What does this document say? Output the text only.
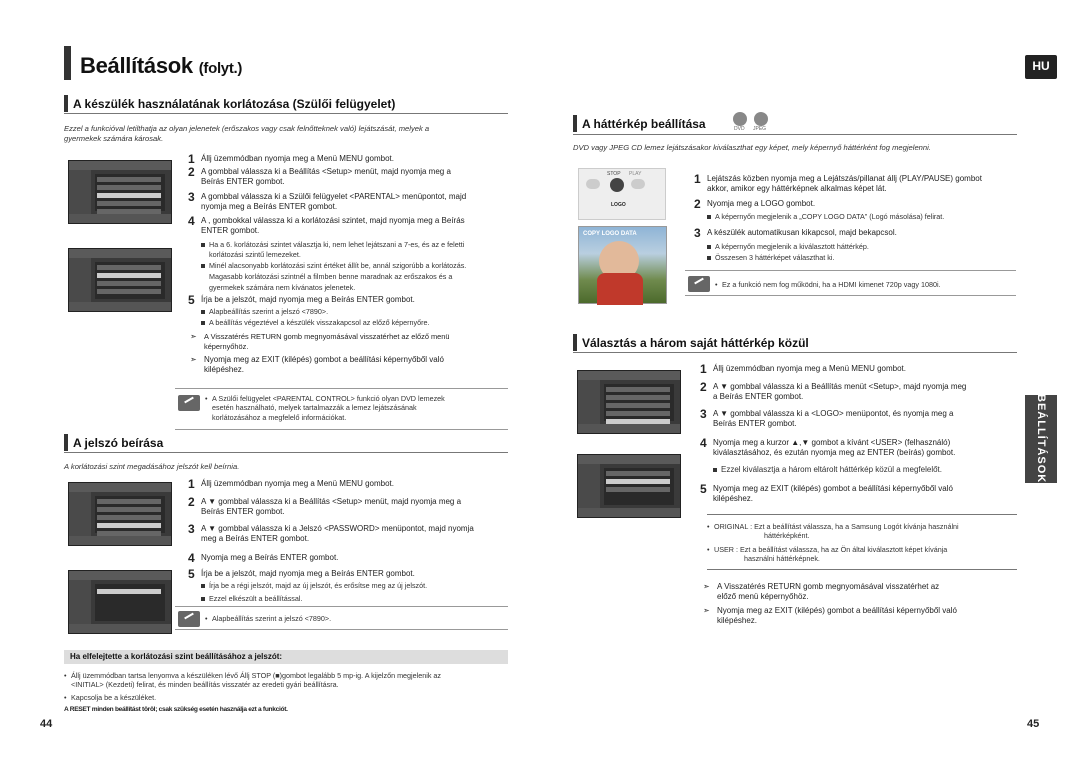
Beállítások (folyt.)	HU
A készülék használatának korlátozása (Szülői felügyelet)
Ezzel a funkcióval letilthatja az olyan jelenetek (erőszakos vagy csak felnőtteknek való) lejátszását, melyek a
gyermekek számára károsak.
1 Állj üzemmódban nyomja meg a Menü MENU gombot.
2 A gombbal válassza ki a Beállítás <Setup> menüt, majd nyomja meg a
Beírás ENTER gombot.
3 A gombbal válassza ki a Szülői felügyelet <PARENTAL> menüpontot, majd
nyomja meg a Beírás ENTER gombot.
4 A , gombokkal válassza ki a korlátozási szintet, majd nyomja meg a Beírás
ENTER gombot.
Ha a 6. korlátozási szintet választja ki, nem lehet lejátszani a 7-es, és az e feletti
korlátozási szintű lemezeket.
Minél alacsonyabb korlátozási szint értéket állít be, annál szigorúbb a korlátozás.
Magasabb korlátozási szintnél a filmben benne maradnak az erőszakos és a
gyermekek számára nem kívánatos jelenetek.
5 Írja be a jelszót, majd nyomja meg a Beírás ENTER gombot.
Alapbeállítás szerint a jelszó <7890>.
A beállítás végeztével a készülék visszakapcsol az előző képernyőre.
➣ A Visszatérés RETURN gomb megnyomásával visszatérhet az előző menü
képernyőhöz.
➣ Nyomja meg az EXIT (kilépés) gombot a beállítási képernyőből való
kilépéshez.
• A Szülői felügyelet <PARENTAL CONTROL> funkció olyan DVD lemezek
esetén használható, melyek tartalmazzák a lemez lejátszásának
korlátozásához a megfelelő információkat.
A jelszó beírása
A korlátozási szint megadásához jelszót kell beírnia.
1 Állj üzemmódban nyomja meg a Menü MENU gombot.
2 A ▼ gombbal válassza ki a Beállítás <Setup> menüt, majd nyomja meg a
Beírás ENTER gombot.
3 A ▼ gombbal válassza ki a Jelszó <PASSWORD> menüpontot, majd nyomja
meg a Beírás ENTER gombot.
4 Nyomja meg a Beírás ENTER gombot.
5 Írja be a jelszót, majd nyomja meg a Beírás ENTER gombot.
Írja be a régi jelszót, majd az új jelszót, és erősítse meg az új jelszót.
Ezzel elkészült a beállítással.
• Alapbeállítás szerint a jelszó <7890>.
Ha elfelejtette a korlátozási szint beállításához a jelszót:
• Állj üzemmódban tartsa lenyomva a készüléken lévő Állj STOP (■)gombot legalább 5 mp-ig. A kijelzőn megjelenik az
<INITIAL> (Kezdeti) felirat, és minden beállítás visszatér az eredeti gyári beállításra.
• Kapcsolja be a készüléket.
A RESET minden beállítást töröl; csak szükség esetén használja ezt a funkciót.
44
A háttérkép beállítása	DVD JPEG
DVD vagy JPEG CD lemez lejátszásakor kiválaszthat egy képet, mely képernyő háttérként fog megjelenni.
STOP PLAY
LOGO
COPY LOGO DATA
1 Lejátszás közben nyomja meg a Lejátszás/pillanat állj (PLAY/PAUSE) gombot
akkor, amikor egy háttérképnek alkalmas képet lát.
2 Nyomja meg a LOGO gombot.
A képernyőn megjelenik a „COPY LOGO DATA” (Logó másolása) felirat.
3 A készülék automatikusan kikapcsol, majd bekapcsol.
A képernyőn megjelenik a kiválasztott háttérkép.
Összesen 3 háttérképet választhat ki.
• Ez a funkció nem fog működni, ha a HDMI kimenet 720p vagy 1080i.
Választás a három saját háttérkép közül
1 Állj üzemmódban nyomja meg a Menü MENU gombot.
2 A ▼ gombbal válassza ki a Beállítás menüt <Setup>, majd nyomja meg
a Beírás ENTER gombot.
3 A ▼ gombbal válassza ki a <LOGO> menüpontot, és nyomja meg a
Beírás ENTER gombot.
4 Nyomja meg a kurzor ▲,▼ gombot a kívánt <USER> (felhasználó)
kiválasztásához, és ezután nyomja meg az ENTER (beírás) gombot.
Ezzel kiválasztja a három eltárolt háttérkép közül a megfelelőt.
5 Nyomja meg az EXIT (kilépés) gombot a beállítási képernyőből való
kilépéshez.
• ORIGINAL : Ezt a beállítást válassza, ha a Samsung Logót kívánja használni
háttérképként.
• USER : Ezt a beállítást válassza, ha az Ön által kiválasztott képet kívánja
használni háttérképnek.
➣ A Visszatérés RETURN gomb megnyomásával visszatérhet az
előző menü képernyőhöz.
➣ Nyomja meg az EXIT (kilépés) gombot a beállítási képernyőből való
kilépéshez.
BEÁLLÍTÁSOK
45
